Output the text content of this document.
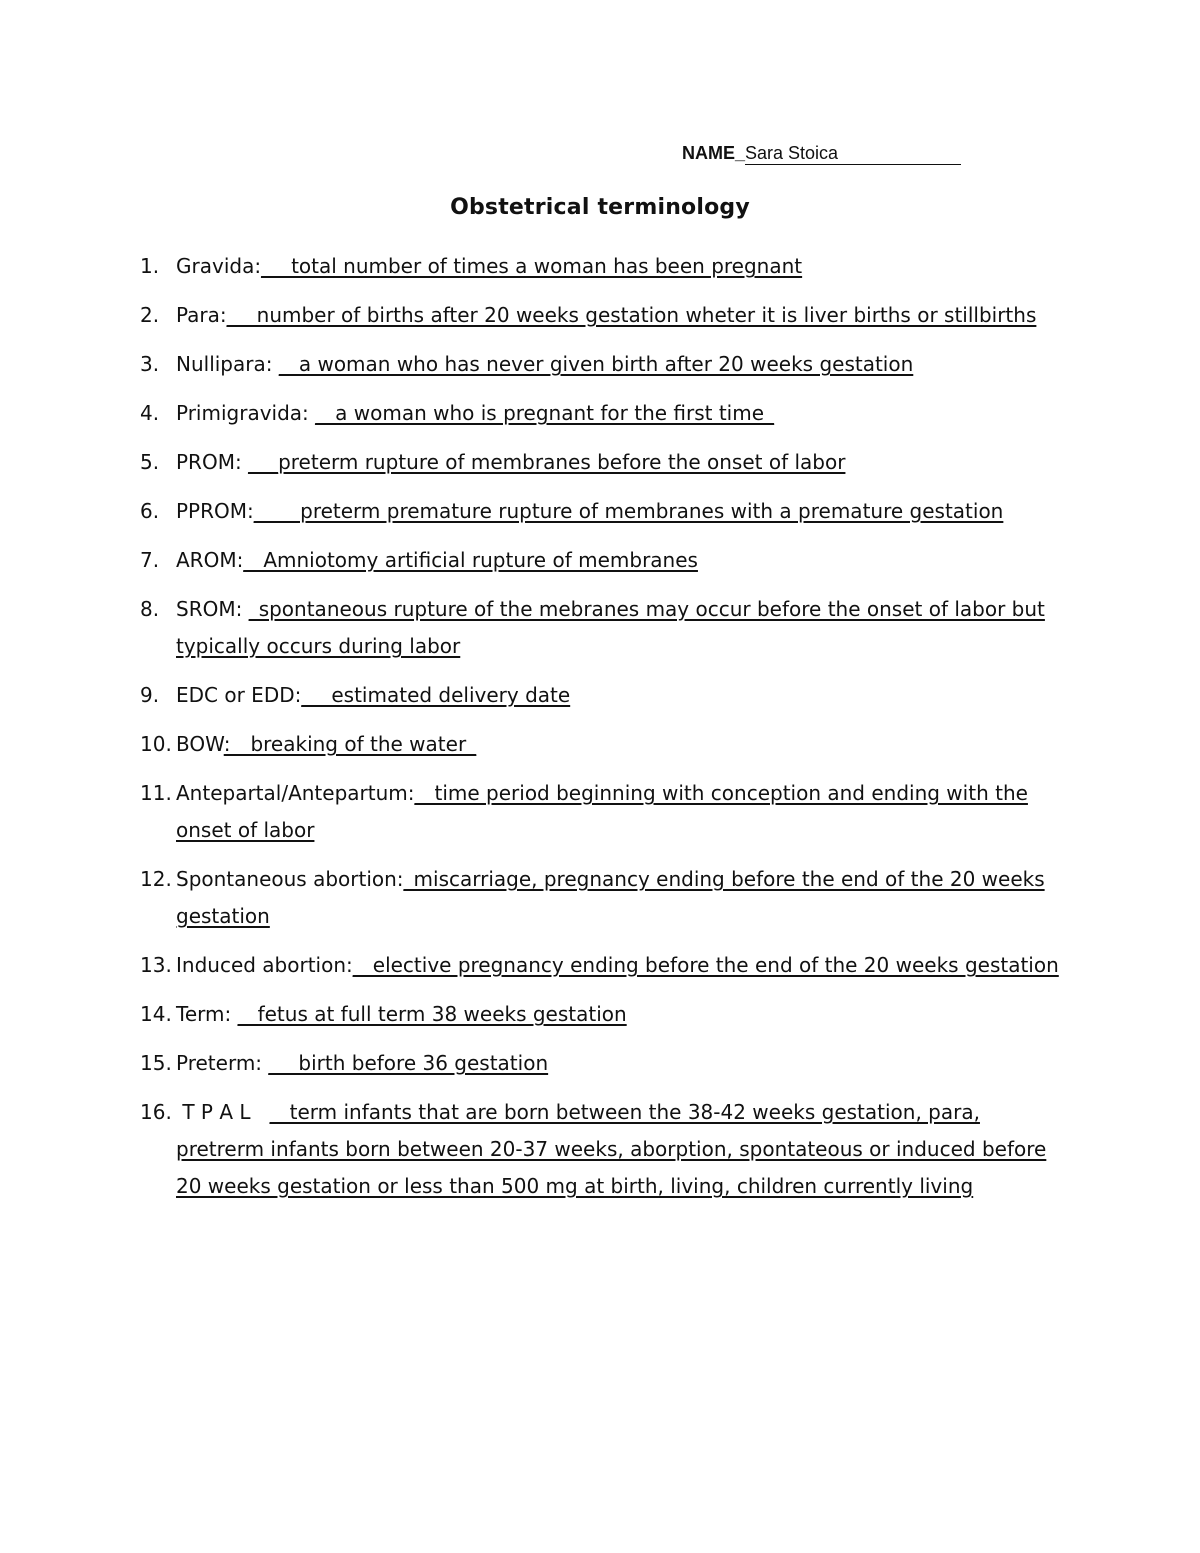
NAME_Sara Stoica
Obstetrical terminology
1. Gravida:___total number of times a woman has been pregnant
2. Para:___number of births after 20 weeks gestation wheter it is liver births or stillbirths
3. Nullipara: __a woman who has never given birth after 20 weeks gestation
4. Primigravida: __a woman who is pregnant for the first time_
5. PROM: ___preterm rupture of membranes before the onset of labor
6. PPROM:____ preterm premature rupture of membranes with a premature gestation
7. AROM:__Amniotomy artificial rupture of membranes
8. SROM: _spontaneous rupture of the mebranes may occur before the onset of labor but typically occurs during labor
9. EDC or EDD:___estimated delivery date
10. BOW:__breaking of the water_
11. Antepartal/Antepartum:__time period beginning with conception and ending with the onset of labor
12. Spontaneous abortion:_miscarriage, pregnancy ending before the end of the 20 weeks gestation
13. Induced abortion:__elective pregnancy ending before the end of the 20 weeks gestation
14. Term: __fetus at full term 38 weeks gestation
15. Preterm: ___birth before 36 gestation
16. T P A L   __term infants that are born between the 38-42 weeks gestation, para, pretrerm infants born between 20-37 weeks, aborption, spontateous or induced before 20 weeks gestation or less than 500 mg at birth, living, children currently living
